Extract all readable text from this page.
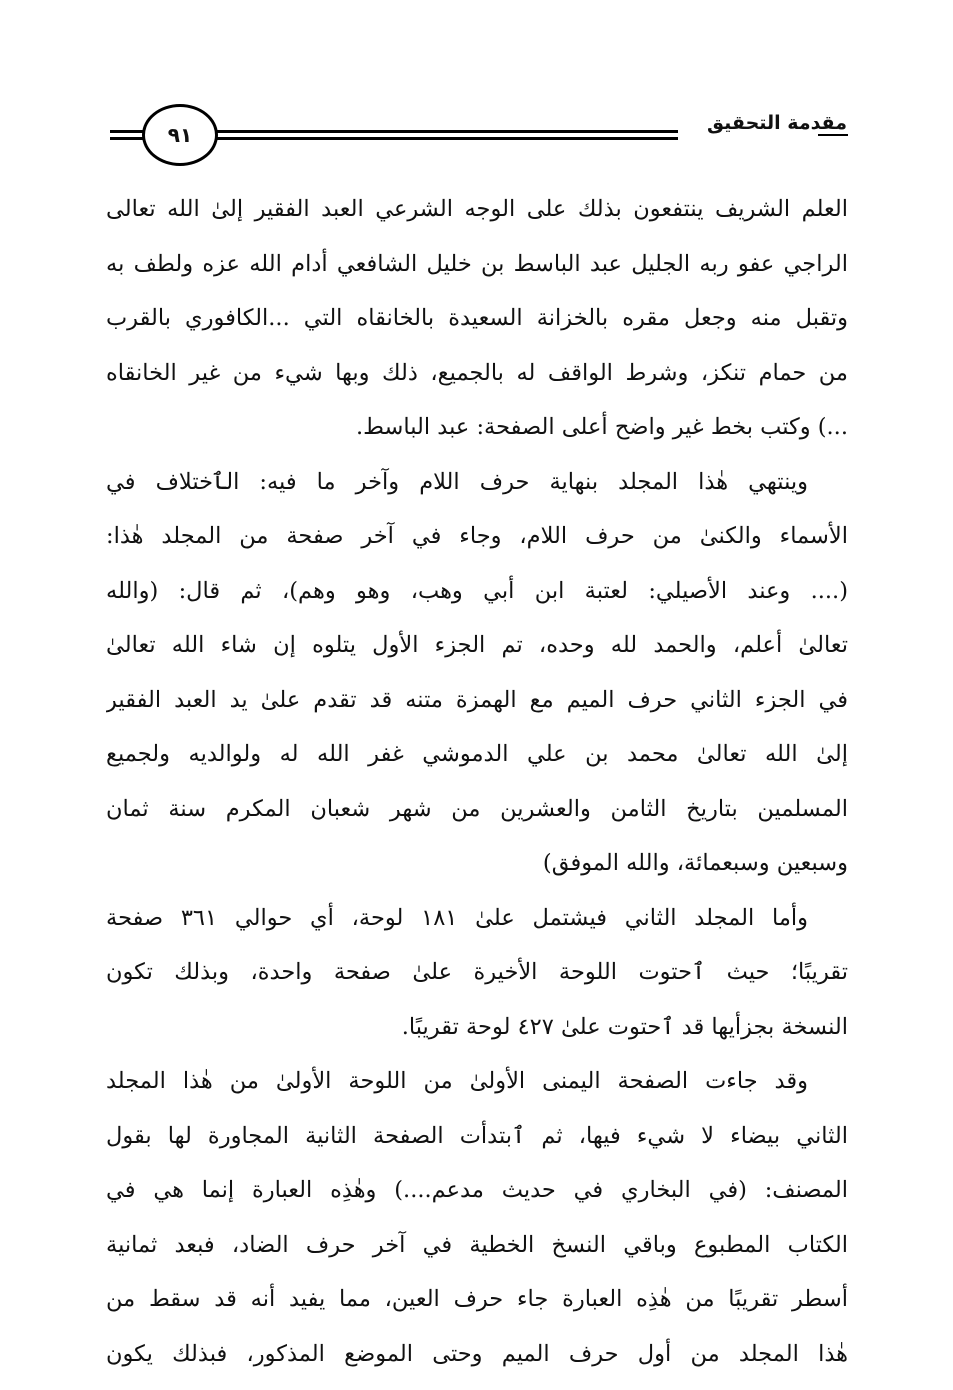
٩١	مقدمة التحقيق
العلم الشريف ينتفعون بذلك على الوجه الشرعي العبد الفقير إلىٰ الله تعالى
الراجي عفو ربه الجليل عبد الباسط بن خليل الشافعي أدام الله عزه ولطف به
وتقبل منه وجعل مقره بالخزانة السعيدة بالخانقاه التي ...الكافوري بالقرب
من حمام تنكز، وشرط الواقف له بالجميع، ذلك وبها شيء من غير الخانقاه
...) وكتب بخط غير واضح أعلى الصفحة: عبد الباسط.
وينتهي هٰذا المجلد بنهاية حرف اللام وآخر ما فيه: الٱختلاف في
الأسماء والكنىٰ من حرف اللام، وجاء في آخر صفحة من المجلد هٰذا:
(.... وعند الأصيلي: لعتبة ابن أبي وهب، وهو وهم)، ثم قال: (والله
تعالىٰ أعلم، والحمد لله وحده، تم الجزء الأول يتلوه إن شاء الله تعالىٰ
في الجزء الثاني حرف الميم مع الهمزة متنه قد تقدم علىٰ يد العبد الفقير
إلىٰ الله تعالىٰ محمد بن علي الدموشي غفر الله له ولوالديه ولجميع
المسلمين بتاريخ الثامن والعشرين من شهر شعبان المكرم سنة ثمان
وسبعين وسبعمائة، والله الموفق)
وأما المجلد الثاني فيشتمل علىٰ ١٨١ لوحة، أي حوالي ٣٦١ صفحة
تقريبًا؛ حيث ٱحتوت اللوحة الأخيرة علىٰ صفحة واحدة، وبذلك تكون
النسخة بجزأيها قد ٱحتوت علىٰ ٤٢٧ لوحة تقريبًا.
وقد جاءت الصفحة اليمنى الأولىٰ من اللوحة الأولىٰ من هٰذا المجلد
الثاني بيضاء لا شيء فيها، ثم ٱبتدأت الصفحة الثانية المجاورة لها بقول
المصنف: (في البخاري في حديث مدعم....) وهٰذِه العبارة إنما هي في
الكتاب المطبوع وباقي النسخ الخطية في آخر حرف الضاد، فبعد ثمانية
أسطر تقريبًا من هٰذِه العبارة جاء حرف العين، مما يفيد أنه قد سقط من
هٰذا المجلد من أول حرف الميم وحتى الموضع المذكور، فبذلك يكون
